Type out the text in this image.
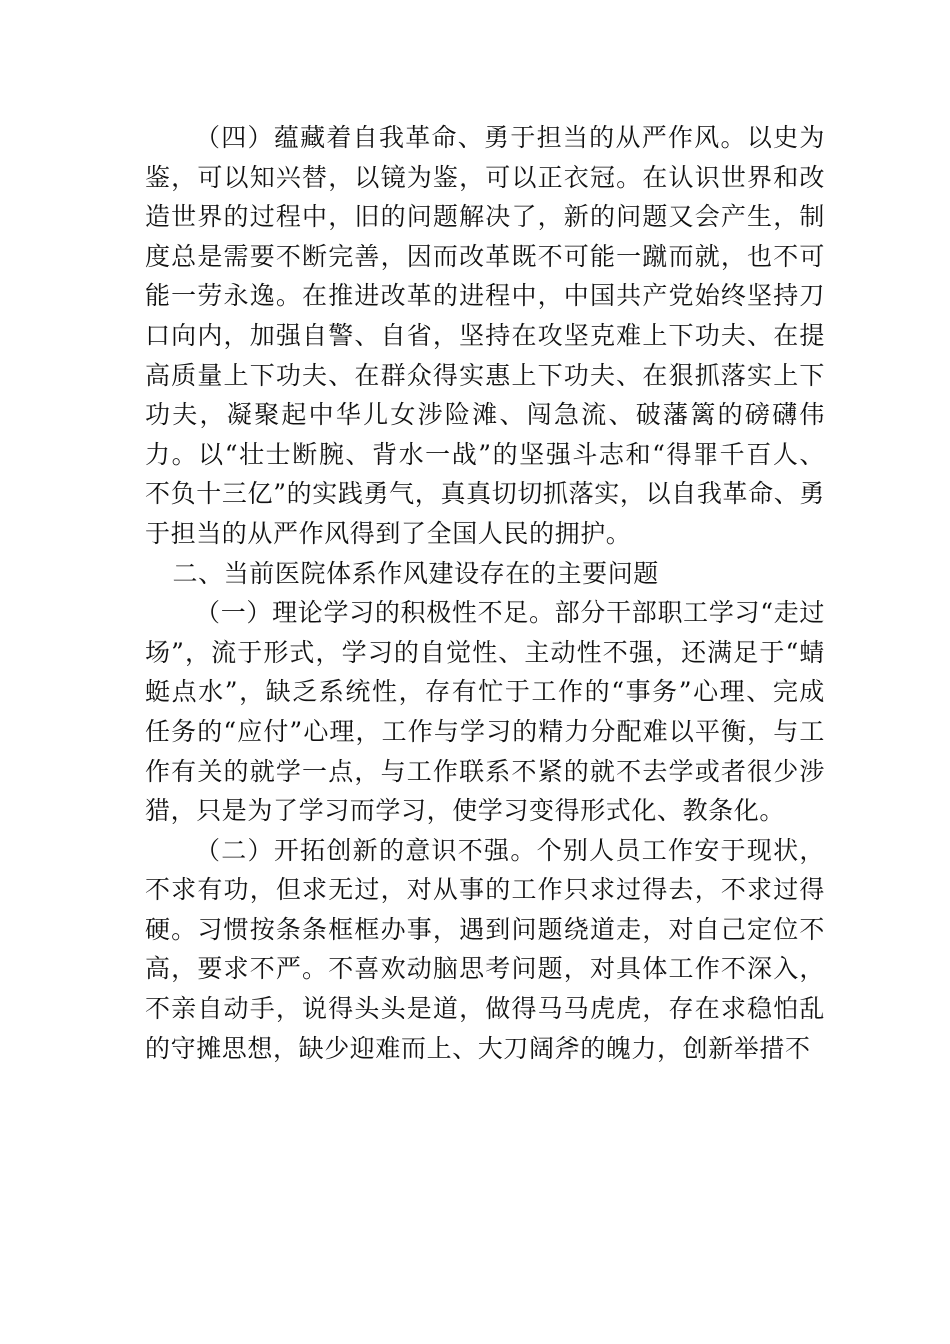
（四）蕴藏着自我革命、勇于担当的从严作风。以史为鉴，可以知兴替，以镜为鉴，可以正衣冠。在认识世界和改造世界的过程中，旧的问题解决了，新的问题又会产生，制度总是需要不断完善，因而改革既不可能一蹴而就，也不可能一劳永逸。在推进改革的进程中，中国共产党始终坚持刀口向内，加强自警、自省，坚持在攻坚克难上下功夫、在提高质量上下功夫、在群众得实惠上下功夫、在狠抓落实上下功夫，凝聚起中华儿女涉险滩、闯急流、破藩篱的磅礴伟力。以“壮士断腕、背水一战”的坚强斗志和“得罪千百人、不负十三亿”的实践勇气，真真切切抓落实，以自我革命、勇于担当的从严作风得到了全国人民的拥护。

二、当前医院体系作风建设存在的主要问题

（一）理论学习的积极性不足。部分干部职工学习“走过场”，流于形式，学习的自觉性、主动性不强，还满足于“蜻蜓点水”，缺乏系统性，存有忙于工作的“事务”心理、完成任务的“应付”心理，工作与学习的精力分配难以平衡，与工作有关的就学一点，与工作联系不紧的就不去学或者很少涉猎，只是为了学习而学习，使学习变得形式化、教条化。

（二）开拓创新的意识不强。个别人员工作安于现状，不求有功，但求无过，对从事的工作只求过得去，不求过得硬。习惯按条条框框办事，遇到问题绕道走，对自己定位不高，要求不严。不喜欢动脑思考问题，对具体工作不深入， 不亲自动手，说得头头是道，做得马马虎虎，存在求稳怕乱的守摊思想，缺少迎难而上、大刀阔斧的魄力，创新举措不
